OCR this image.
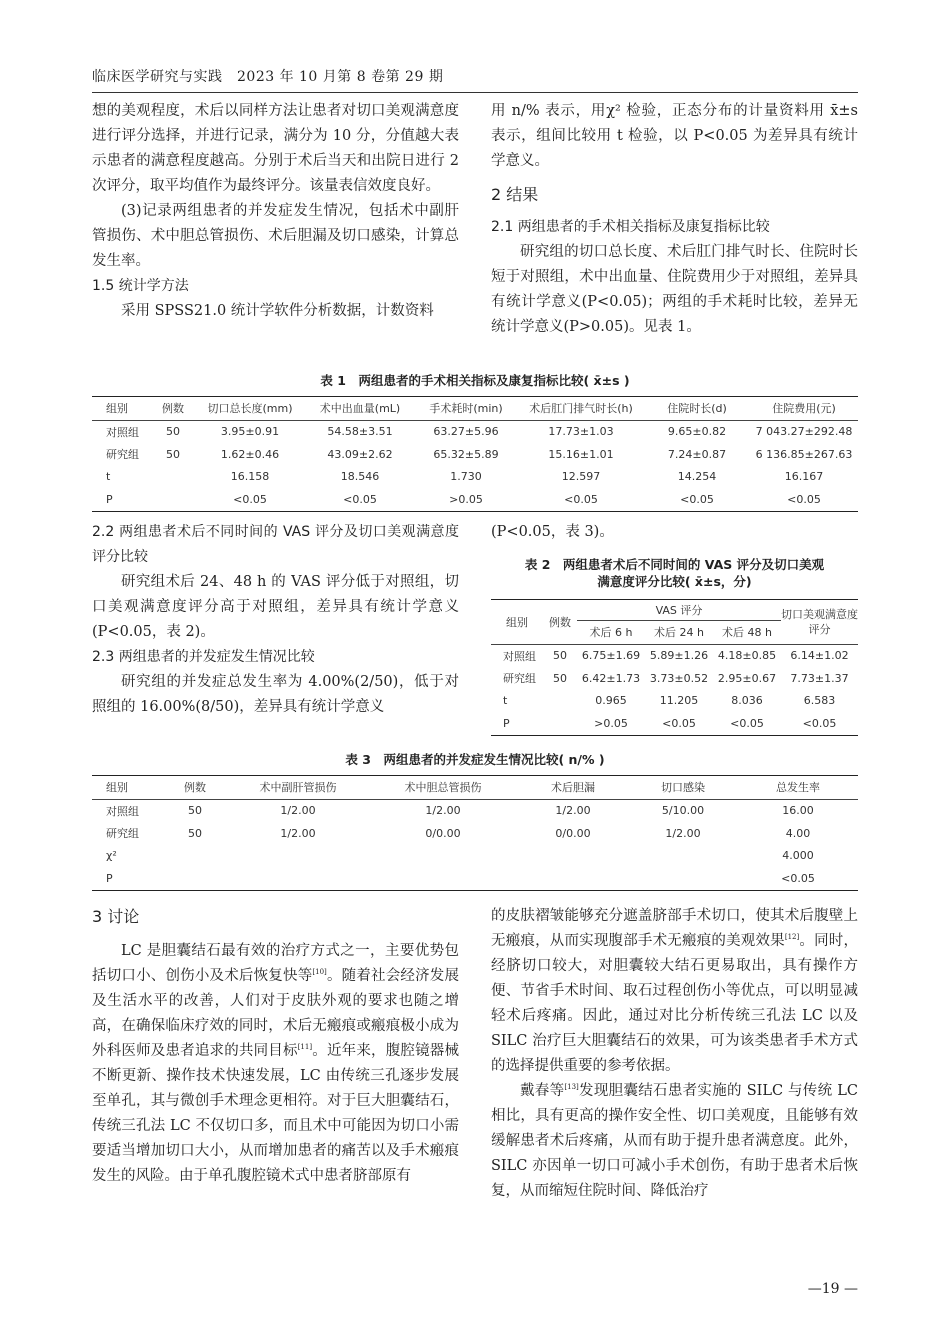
临床医学研究与实践　2023 年 10 月第 8 卷第 29 期

想的美观程度，术后以同样方法让患者对切口美观满意度进行评分选择，并进行记录，满分为 10 分，分值越大表示患者的满意程度越高。分别于术后当天和出院日进行 2 次评分，取平均值作为最终评分。该量表信效度良好。

(3)记录两组患者的并发症发生情况，包括术中副肝管损伤、术中胆总管损伤、术后胆漏及切口感染，计算总发生率。

1.5 统计学方法

采用 SPSS21.0 统计学软件分析数据，计数资料

用 n/% 表示，用χ² 检验，正态分布的计量资料用 x̄±s 表示，组间比较用 t 检验，以 P<0.05 为差异具有统计学意义。

2 结果

2.1 两组患者的手术相关指标及康复指标比较

研究组的切口总长度、术后肛门排气时长、住院时长短于对照组，术中出血量、住院费用少于对照组，差异具有统计学意义(P<0.05)；两组的手术耗时比较，差异无统计学意义(P>0.05)。见表 1。

表 1　两组患者的手术相关指标及康复指标比较( x̄±s )
组别	例数	切口总长度(mm)	术中出血量(mL)	手术耗时(min)	术后肛门排气时长(h)	住院时长(d)	住院费用(元)
对照组	50	3.95±0.91	54.58±3.51	63.27±5.96	17.73±1.03	9.65±0.82	7 043.27±292.48
研究组	50	1.62±0.46	43.09±2.62	65.32±5.89	15.16±1.01	7.24±0.87	6 136.85±267.63
t		16.158	18.546	1.730	12.597	14.254	16.167
P		<0.05	<0.05	>0.05	<0.05	<0.05	<0.05

2.2 两组患者术后不同时间的 VAS 评分及切口美观满意度评分比较

研究组术后 24、48 h 的 VAS 评分低于对照组，切口美观满意度评分高于对照组，差异具有统计学意义(P<0.05，表 2)。

2.3 两组患者的并发症发生情况比较

研究组的并发症总发生率为 4.00%(2/50)，低于对照组的 16.00%(8/50)，差异具有统计学意义

(P<0.05，表 3)。

表 2　两组患者术后不同时间的 VAS 评分及切口美观
满意度评分比较( x̄±s，分)
组别	例数	VAS 评分			切口美观满意度评分
		术后 6 h	术后 24 h	术后 48 h	
对照组	50	6.75±1.69	5.89±1.26	4.18±0.85	6.14±1.02
研究组	50	6.42±1.73	3.73±0.52	2.95±0.67	7.73±1.37
t		0.965	11.205	8.036	6.583
P		>0.05	<0.05	<0.05	<0.05
表 3　两组患者的并发症发生情况比较( n/% )
组别	例数	术中副肝管损伤	术中胆总管损伤	术后胆漏	切口感染	总发生率
对照组	50	1/2.00	1/2.00	1/2.00	5/10.00	16.00
研究组	50	1/2.00	0/0.00	0/0.00	1/2.00	4.00
χ²						4.000
P						<0.05

3 讨论

LC 是胆囊结石最有效的治疗方式之一，主要优势包括切口小、创伤小及术后恢复快等[10]。随着社会经济发展及生活水平的改善，人们对于皮肤外观的要求也随之增高，在确保临床疗效的同时，术后无瘢痕或瘢痕极小成为外科医师及患者追求的共同目标[11]。近年来，腹腔镜器械不断更新、操作技术快速发展，LC 由传统三孔逐步发展至单孔，其与微创手术理念更相符。对于巨大胆囊结石，传统三孔法 LC 不仅切口多，而且术中可能因为切口小需要适当增加切口大小，从而增加患者的痛苦以及手术瘢痕发生的风险。由于单孔腹腔镜术式中患者脐部原有

的皮肤褶皱能够充分遮盖脐部手术切口，使其术后腹壁上无瘢痕，从而实现腹部手术无瘢痕的美观效果[12]。同时，经脐切口较大，对胆囊较大结石更易取出，具有操作方便、节省手术时间、取石过程创伤小等优点，可以明显减轻术后疼痛。因此，通过对比分析传统三孔法 LC 以及 SILC 治疗巨大胆囊结石的效果，可为该类患者手术方式的选择提供重要的参考依据。

戴春等[13]发现胆囊结石患者实施的 SILC 与传统 LC 相比，具有更高的操作安全性、切口美观度，且能够有效缓解患者术后疼痛，从而有助于提升患者满意度。此外，SILC 亦因单一切口可减小手术创伤，有助于患者术后恢复，从而缩短住院时间、降低治疗

—19 —
